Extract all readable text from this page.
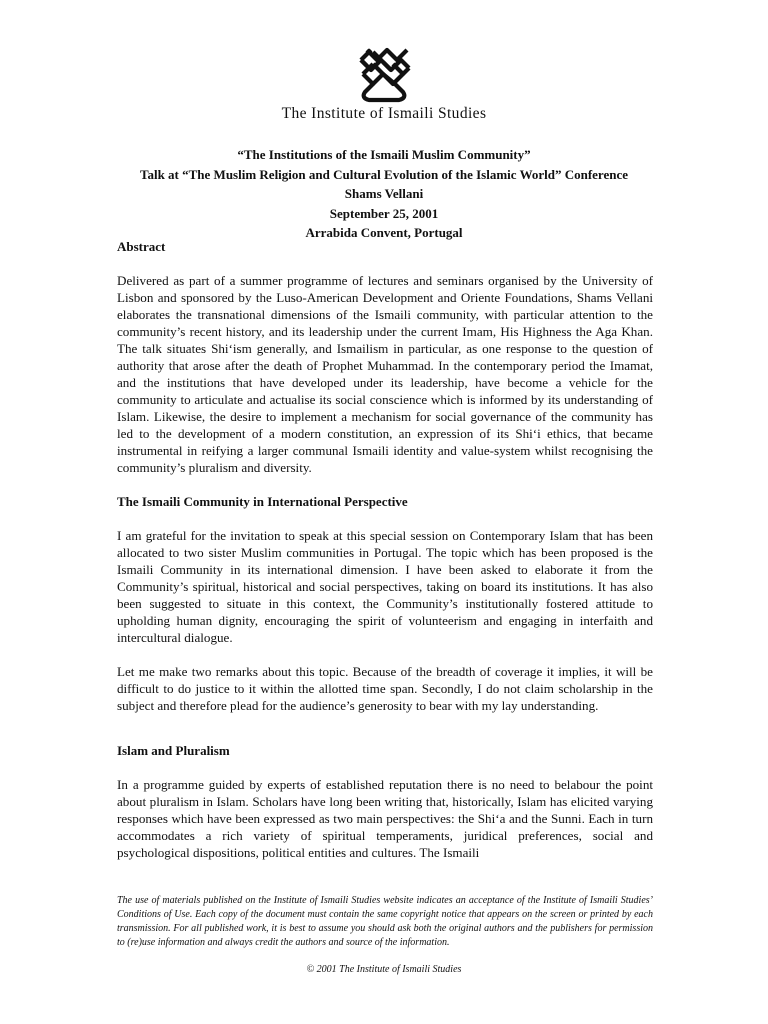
The Institute of Ismaili Studies
“The Institutions of the Ismaili Muslim Community”
Talk at “The Muslim Religion and Cultural Evolution of the Islamic World” Conference
Shams Vellani
September 25, 2001
Arrabida Convent, Portugal
Abstract

Delivered as part of a summer programme of lectures and seminars organised by the University of Lisbon and sponsored by the Luso-American Development and Oriente Foundations, Shams Vellani elaborates the transnational dimensions of the Ismaili community, with particular attention to the community’s recent history, and its leadership under the current Imam, His Highness the Aga Khan. The talk situates Shi‘ism generally, and Ismailism in particular, as one response to the question of authority that arose after the death of Prophet Muhammad. In the contemporary period the Imamat, and the institutions that have developed under its leadership, have become a vehicle for the community to articulate and actualise its social conscience which is informed by its understanding of Islam. Likewise, the desire to implement a mechanism for social governance of the community has led to the development of a modern constitution, an expression of its Shi‘i ethics, that became instrumental in reifying a larger communal Ismaili identity and value-system whilst recognising the community’s pluralism and diversity.

The Ismaili Community in International Perspective

I am grateful for the invitation to speak at this special session on Contemporary Islam that has been allocated to two sister Muslim communities in Portugal. The topic which has been proposed is the Ismaili Community in its international dimension. I have been asked to elaborate it from the Community’s spiritual, historical and social perspectives, taking on board its institutions. It has also been suggested to situate in this context, the Community’s institutionally fostered attitude to upholding human dignity, encouraging the spirit of volunteerism and engaging in interfaith and intercultural dialogue.

Let me make two remarks about this topic. Because of the breadth of coverage it implies, it will be difficult to do justice to it within the allotted time span. Secondly, I do not claim scholarship in the subject and therefore plead for the audience’s generosity to bear with my lay understanding.

Islam and Pluralism

In a programme guided by experts of established reputation there is no need to belabour the point about pluralism in Islam. Scholars have long been writing that, historically, Islam has elicited varying responses which have been expressed as two main perspectives: the Shi‘a and the Sunni. Each in turn accommodates a rich variety of spiritual temperaments, juridical preferences, social and psychological dispositions, political entities and cultures. The Ismaili

The use of materials published on the Institute of Ismaili Studies website indicates an acceptance of the Institute of Ismaili Studies’ Conditions of Use. Each copy of the document must contain the same copyright notice that appears on the screen or printed by each transmission. For all published work, it is best to assume you should ask both the original authors and the publishers for permission to (re)use information and always credit the authors and source of the information.
© 2001 The Institute of Ismaili Studies
